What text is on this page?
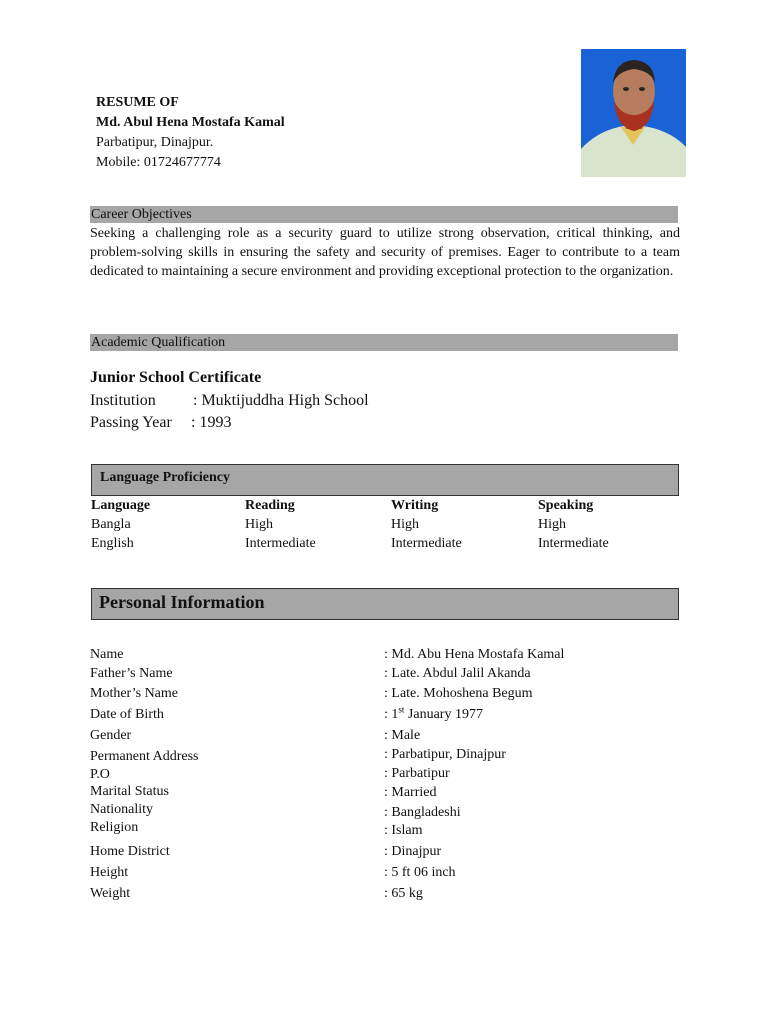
RESUME OF
Md. Abul Hena Mostafa Kamal
Parbatipur, Dinajpur.
Mobile: 01724677774
Career Objectives
Seeking a challenging role as a security guard to utilize strong observation, critical thinking, and problem-solving skills in ensuring the safety and security of premises. Eager to contribute to a team dedicated to maintaining a secure environment and providing exceptional protection to the organization.
Academic Qualification
Junior School Certificate
Institution : Muktijuddha High School
Passing Year : 1993
Language Proficiency
Language	Reading	Writing	Speaking
Bangla	High	High	High
English	Intermediate	Intermediate	Intermediate
Personal Information
Name	: Md. Abu Hena Mostafa Kamal
Father’s Name	: Late. Abdul Jalil Akanda
Mother’s Name	: Late. Mohoshena Begum
Date of Birth	: 1st January 1977
Gender	: Male
Permanent Address	: Parbatipur, Dinajpur
P.O	: Parbatipur
Marital Status	: Married
Nationality	: Bangladeshi
Religion	: Islam
Home District	: Dinajpur
Height	: 5 ft 06 inch
Weight	: 65 kg
